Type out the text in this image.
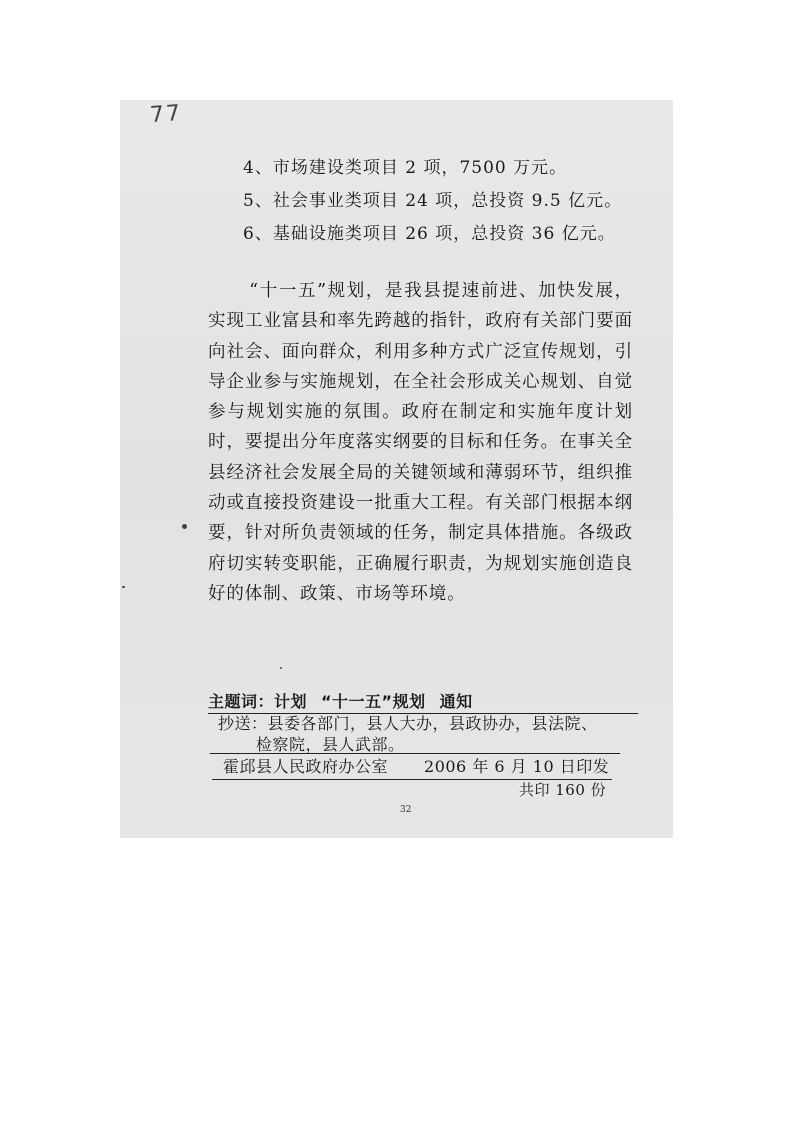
77
4、市场建设类项目 2 项，7500 万元。
5、社会事业类项目 24 项，总投资 9.5 亿元。
6、基础设施类项目 26 项，总投资 36 亿元。
“十一五”规划，是我县提速前进、加快发展，实现工业富县和率先跨越的指针，政府有关部门要面向社会、面向群众，利用多种方式广泛宣传规划，引导企业参与实施规划，在全社会形成关心规划、自觉参与规划实施的氛围。政府在制定和实施年度计划时，要提出分年度落实纲要的目标和任务。在事关全县经济社会发展全局的关键领域和薄弱环节，组织推动或直接投资建设一批重大工程。有关部门根据本纲要，针对所负责领域的任务，制定具体措施。各级政府切实转变职能，正确履行职责，为规划实施创造良好的体制、政策、市场等环境。
主题词：计划 “十一五”规划 通知
抄送：县委各部门，县人大办，县政协办，县法院、
检察院，县人武部。
霍邱县人民政府办公室 2006 年 6 月 10 日印发
共印 160 份
32
